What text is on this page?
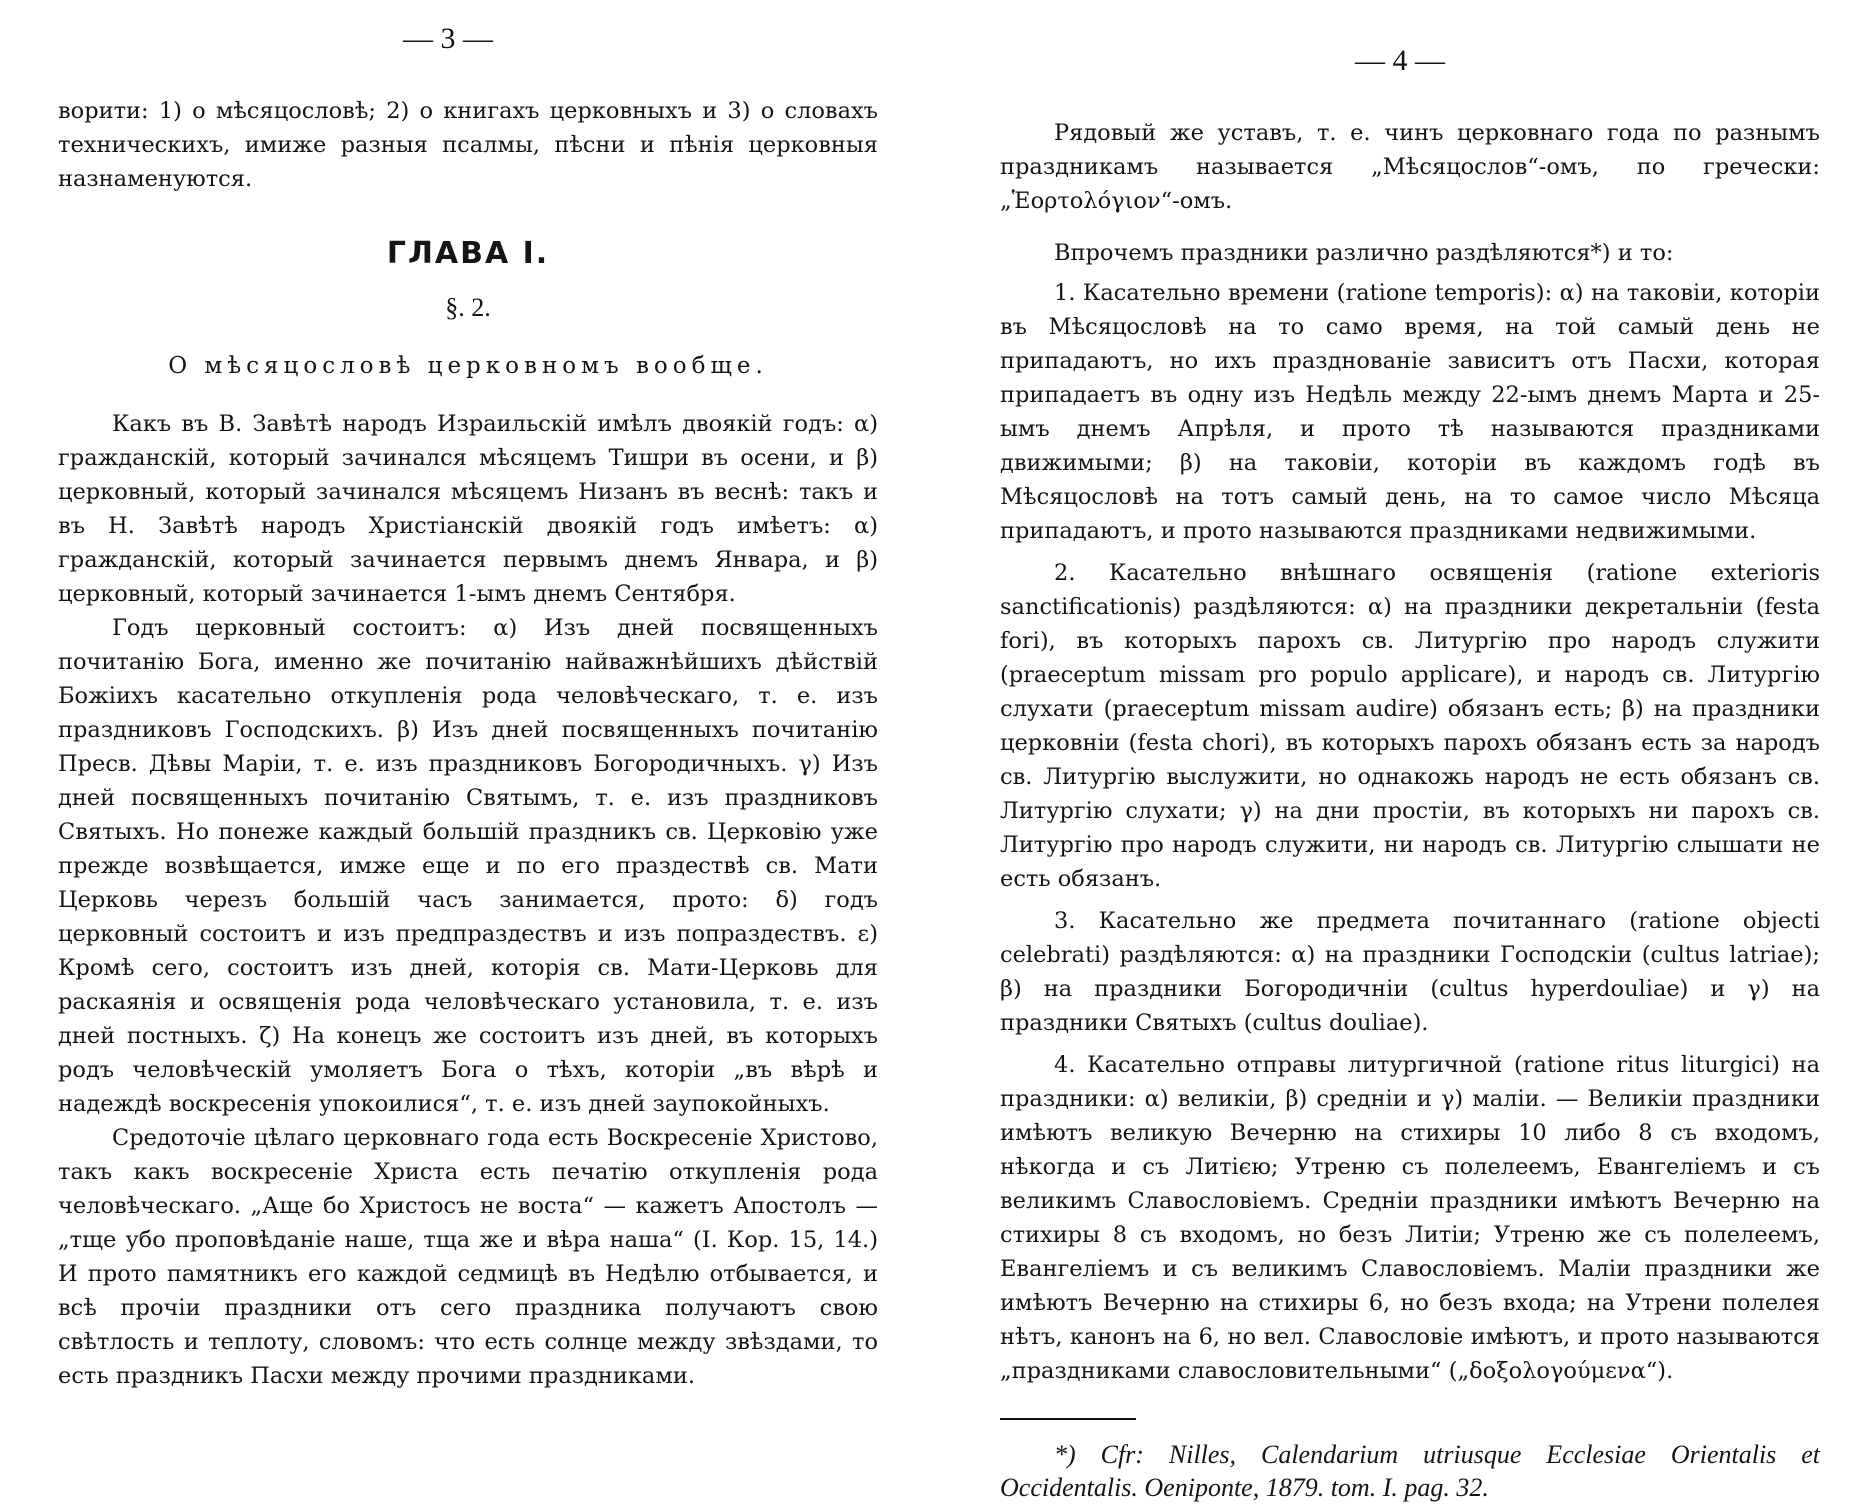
— 3 —

ворити: 1) о мѣсяцословѣ; 2) о книгахъ церковныхъ и 3) о словахъ техническихъ, имиже разныя псалмы, пѣсни и пѣнія церковныя назнаменуются.

ГЛАВА I.
§. 2.
О мѣсяцословѣ церковномъ вообще.

Какъ въ В. Завѣтѣ народъ Израильскій имѣлъ двоякій годъ: α) гражданскій, который зачинался мѣсяцемъ Тишри въ осени, и β) церковный, который зачинался мѣсяцемъ Низанъ въ веснѣ: такъ и въ Н. Завѣтѣ народъ Христіанскій двоякій годъ имѣетъ: α) гражданскій, который зачинается первымъ днемъ Январа, и β) церковный, который зачинается 1-ымъ днемъ Сентября.

Годъ церковный состоитъ: α) Изъ дней посвященныхъ почитанію Бога, именно же почитанію найважнѣйшихъ дѣйствій Божіихъ касательно откупленія рода человѣческаго, т. е. изъ праздниковъ Господскихъ. β) Изъ дней посвященныхъ почитанію Пресв. Дѣвы Маріи, т. е. изъ праздниковъ Богородичныхъ. γ) Изъ дней посвященныхъ почитанію Святымъ, т. е. изъ праздниковъ Святыхъ. Но понеже каждый большій праздникъ св. Церковію уже прежде возвѣщается, имже еще и по его праздествѣ св. Мати Церковь черезъ большій часъ занимается, прото: δ) годъ церковный состоитъ и изъ предпраздествъ и изъ попраздествъ. ε) Кромѣ сего, состоитъ изъ дней, которія св. Мати-Церковь для раскаянія и освященія рода человѣческаго установила, т. е. изъ дней постныхъ. ζ) На конецъ же состоитъ изъ дней, въ которыхъ родъ человѣческій умоляетъ Бога о тѣхъ, которіи „въ вѣрѣ и надеждѣ воскресенія упокоилися“, т. е. изъ дней заупокойныхъ.

Средоточіе цѣлаго церковнаго года есть Воскресеніе Христово, такъ какъ воскресеніе Христа есть печатію откупленія рода человѣческаго. „Аще бо Христосъ не воста“ — кажетъ Апостолъ — „тще убо проповѣданіе наше, тща же и вѣра наша“ (I. Кор. 15, 14.) И прото памятникъ его каждой седмицѣ въ Недѣлю отбывается, и всѣ прочіи праздники отъ сего праздника получаютъ свою свѣтлость и теплоту, словомъ: что есть солнце между звѣздами, то есть праздникъ Пасхи между прочими праздниками.

— 4 —

Рядовый же уставъ, т. е. чинъ церковнаго года по разнымъ праздникамъ называется „Мѣсяцослов“-омъ, по гречески: „Ἑορτολόγιον“-омъ.

Впрочемъ праздники различно раздѣляются*) и то:

1. Касательно времени (ratione temporis): α) на таковіи, которіи въ Мѣсяцословѣ на то само время, на той самый день не припадаютъ, но ихъ празднованіе зависитъ отъ Пасхи, которая припадаетъ въ одну изъ Недѣль между 22-ымъ днемъ Марта и 25-ымъ днемъ Апрѣля, и прото тѣ называются праздниками движимыми; β) на таковіи, которіи въ каждомъ годѣ въ Мѣсяцословѣ на тотъ самый день, на то самое число Мѣсяца припадаютъ, и прото называются праздниками недвижимыми.

2. Касательно внѣшнаго освященія (ratione exterioris sanctificationis) раздѣляются: α) на праздники декретальніи (festa fori), въ которыхъ парохъ св. Литургію про народъ служити (praeceptum missam pro populo applicare), и народъ св. Литургію слухати (praeceptum missam audire) обязанъ есть; β) на праздники церковніи (festa chori), въ которыхъ парохъ обязанъ есть за народъ св. Литургію выслужити, но однакожь народъ не есть обязанъ св. Литургію слухати; γ) на дни простіи, въ которыхъ ни парохъ св. Литургію про народъ служити, ни народъ св. Литургію слышати не есть обязанъ.

3. Касательно же предмета почитаннаго (ratione objecti celebrati) раздѣляются: α) на праздники Господскіи (cultus latriae); β) на праздники Богородичніи (cultus hyperdouliae) и γ) на праздники Святыхъ (cultus douliae).

4. Касательно отправы литургичной (ratione ritus liturgici) на праздники: α) великіи, β) средніи и γ) маліи. — Великіи праздники имѣютъ великую Вечерню на стихиры 10 либо 8 съ входомъ, нѣкогда и съ Литією; Утреню съ полелеемъ, Евангеліемъ и съ великимъ Славословіемъ. Средніи праздники имѣютъ Вечерню на стихиры 8 съ входомъ, но безъ Литіи; Утреню же съ полелеемъ, Евангеліемъ и съ великимъ Славословіемъ. Маліи праздники же имѣютъ Вечерню на стихиры 6, но безъ входа; на Утрени полелея нѣтъ, канонъ на 6, но вел. Славословіе имѣютъ, и прото называются „праздниками славословительными“ („δοξολογούμενα“).

*) Cfr: Nilles, Calendarium utriusque Ecclesiae Orientalis et Occidentalis. Oeniponte, 1879. tom. I. pag. 32.
